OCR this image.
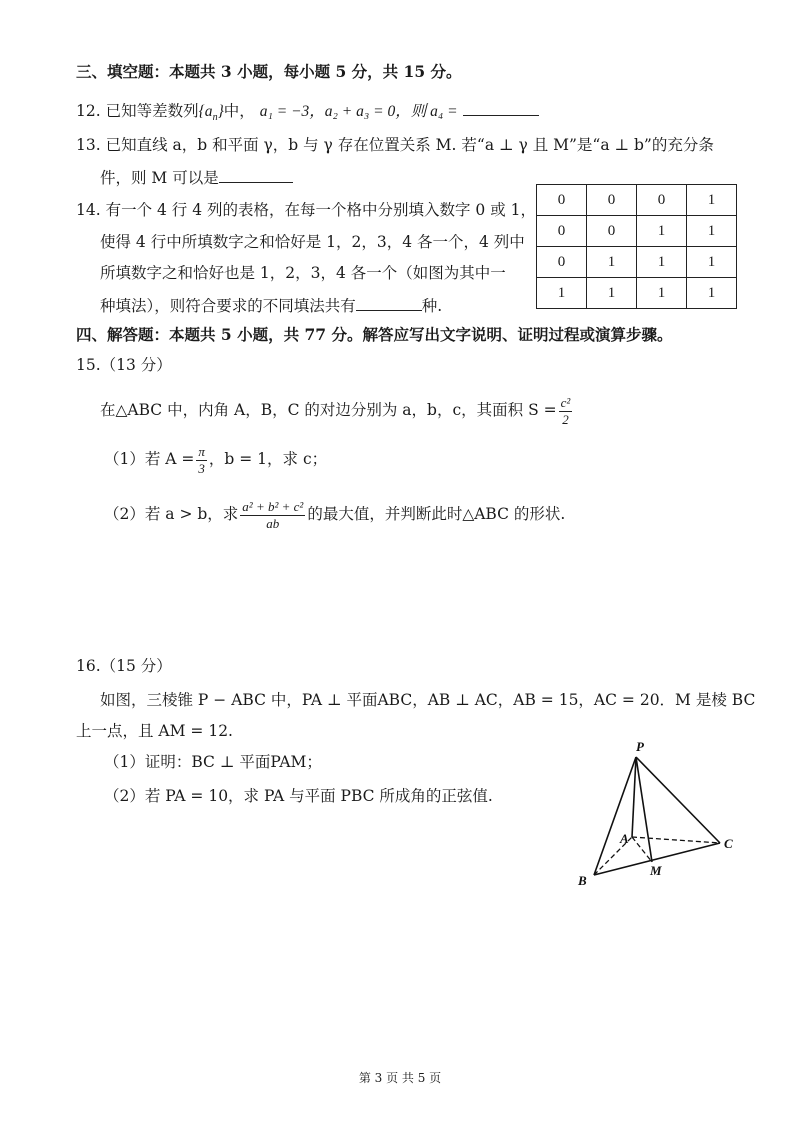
三、填空题：本题共 3 小题，每小题 5 分，共 15 分。
12. 已知等差数列$\{a_n\}$中， a₁ = −3，a₂ + a₃ = 0，则 a₄ =
13. 已知直线 a，b 和平面 γ，b 与 γ 存在位置关系 M. 若“a ⊥ γ 且 M”是“a ⊥ b”的充分条
件，则 M 可以是
14. 有一个 4 行 4 列的表格，在每一个格中分别填入数字 0 或 1，
使得 4 行中所填数字之和恰好是 1，2，3，4 各一个，4 列中
所填数字之和恰好也是 1，2，3，4 各一个（如图为其中一
种填法），则符合要求的不同填法共有	种.
0	0	0	1
0	0	1	1
0	1	1	1
1	1	1	1
四、解答题：本题共 5 小题，共 77 分。解答应写出文字说明、证明过程或演算步骤。
15.（13 分）
在△ABC 中，内角 A，B，C 的对边分别为 a，b，c，其面积 $S = \frac{\text{c²}}{2}$
（1）若 $A = \frac{\pi}{3}$ ，b = 1，求 c；
（2）若 a > b，求 $\frac{\text{a² + b² + c²}}{ab}$ 的最大值，并判断此时△ABC 的形状.
16.（15 分）
如图，三棱锥 P − ABC 中，PA ⊥ 平面ABC，AB ⊥ AC，AB = 15，AC = 20．M 是棱 BC
上一点，且 AM = 12.
（1）证明：BC ⊥ 平面PAM；
（2）若 PA = 10，求 PA 与平面 PBC 所成角的正弦值.
P
A
B
C
M
第 3 页 共 5 页
